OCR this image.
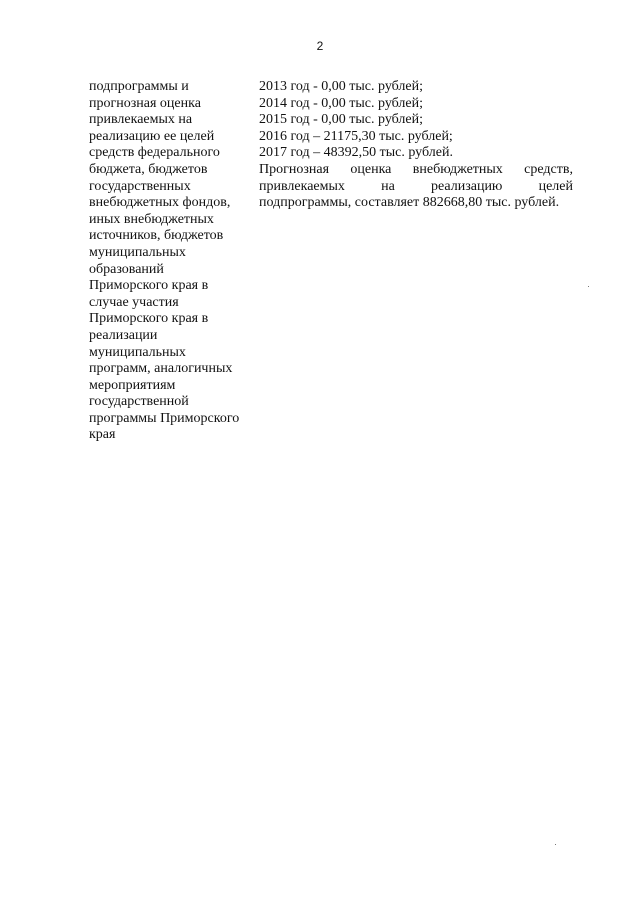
2
подпрограммы и
прогнозная оценка
привлекаемых на
реализацию ее целей
средств федерального
бюджета, бюджетов
государственных
внебюджетных фондов,
иных внебюджетных
источников, бюджетов
муниципальных
образований
Приморского края в
случае участия
Приморского края в
реализации
муниципальных
программ, аналогичных
мероприятиям
государственной
программы Приморского
края
2013 год - 0,00 тыс. рублей;
2014 год - 0,00 тыс. рублей;
2015 год - 0,00 тыс. рублей;
2016 год – 21175,30 тыс. рублей;
2017 год – 48392,50 тыс. рублей.
Прогнозная оценка внебюджетных средств,
привлекаемых на реализацию целей
подпрограммы, составляет 882668,80 тыс. рублей.
